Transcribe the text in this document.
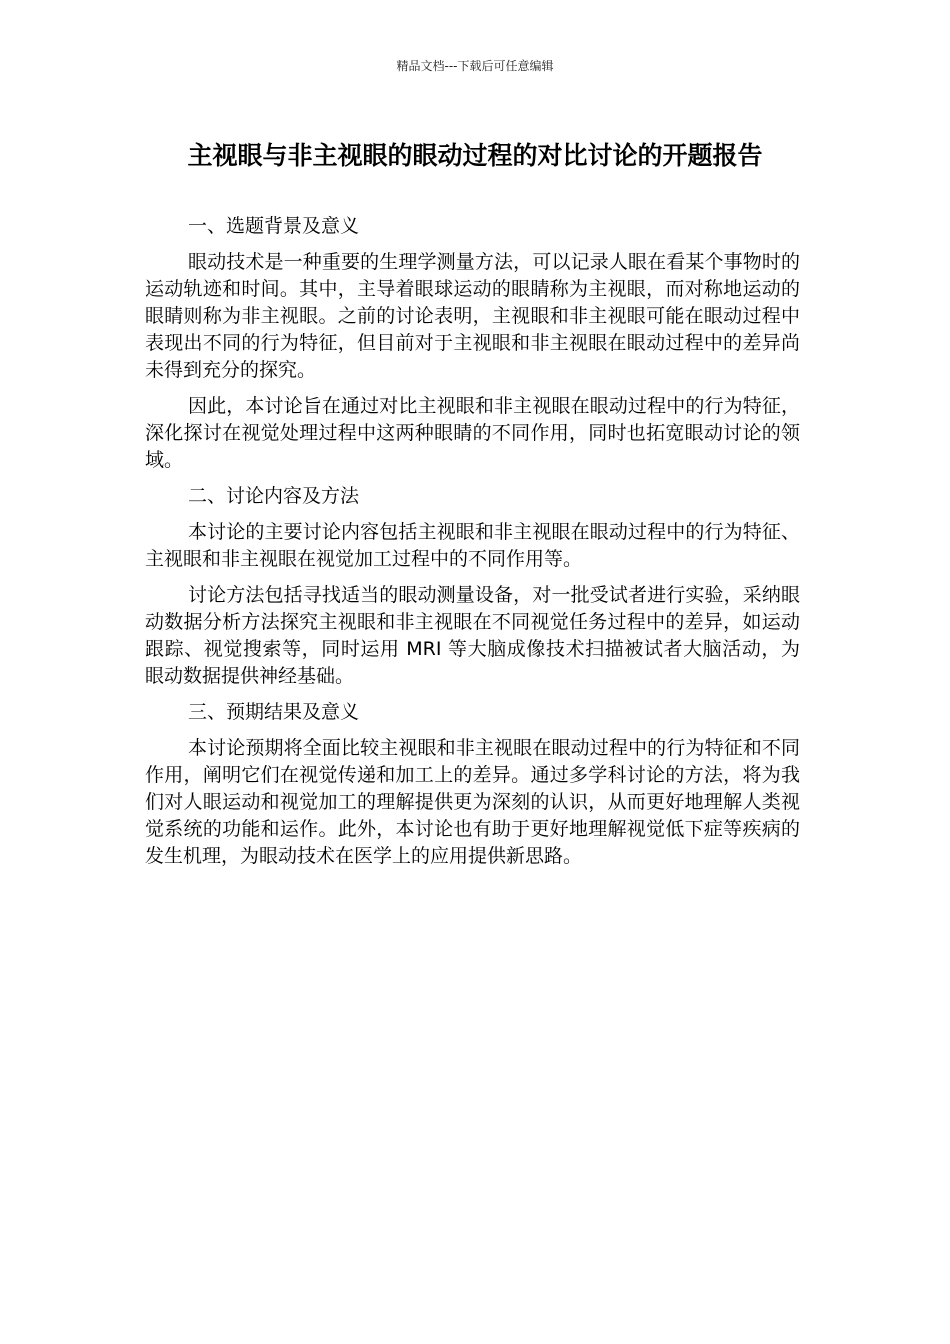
精品文档---下载后可任意编辑
主视眼与非主视眼的眼动过程的对比讨论的开题报告

一、选题背景及意义

眼动技术是一种重要的生理学测量方法，可以记录人眼在看某个事物时的运动轨迹和时间。其中，主导着眼球运动的眼睛称为主视眼，而对称地运动的眼睛则称为非主视眼。之前的讨论表明，主视眼和非主视眼可能在眼动过程中表现出不同的行为特征，但目前对于主视眼和非主视眼在眼动过程中的差异尚未得到充分的探究。

因此，本讨论旨在通过对比主视眼和非主视眼在眼动过程中的行为特征，深化探讨在视觉处理过程中这两种眼睛的不同作用，同时也拓宽眼动讨论的领域。

二、讨论内容及方法

本讨论的主要讨论内容包括主视眼和非主视眼在眼动过程中的行为特征、主视眼和非主视眼在视觉加工过程中的不同作用等。

讨论方法包括寻找适当的眼动测量设备，对一批受试者进行实验，采纳眼动数据分析方法探究主视眼和非主视眼在不同视觉任务过程中的差异，如运动跟踪、视觉搜索等，同时运用 MRI 等大脑成像技术扫描被试者大脑活动，为眼动数据提供神经基础。

三、预期结果及意义

本讨论预期将全面比较主视眼和非主视眼在眼动过程中的行为特征和不同作用，阐明它们在视觉传递和加工上的差异。通过多学科讨论的方法，将为我们对人眼运动和视觉加工的理解提供更为深刻的认识，从而更好地理解人类视觉系统的功能和运作。此外，本讨论也有助于更好地理解视觉低下症等疾病的发生机理，为眼动技术在医学上的应用提供新思路。
